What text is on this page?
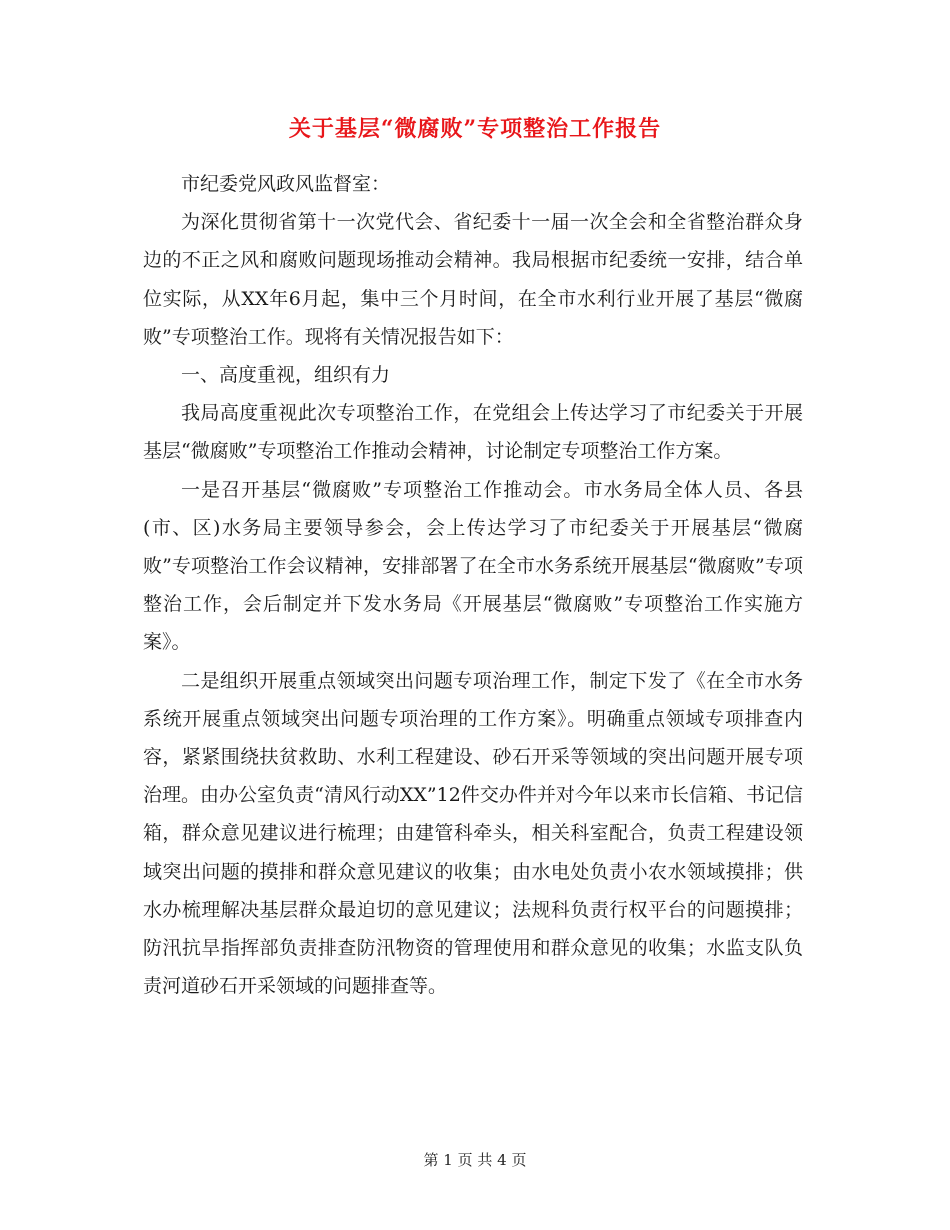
关于基层“微腐败”专项整治工作报告

市纪委党风政风监督室：

为深化贯彻省第十一次党代会、省纪委十一届一次全会和全省整治群众身边的不正之风和腐败问题现场推动会精神。我局根据市纪委统一安排，结合单位实际，从XX年6月起，集中三个月时间，在全市水利行业开展了基层“微腐败”专项整治工作。现将有关情况报告如下：

一、高度重视，组织有力

我局高度重视此次专项整治工作，在党组会上传达学习了市纪委关于开展基层“微腐败”专项整治工作推动会精神，讨论制定专项整治工作方案。

一是召开基层“微腐败”专项整治工作推动会。市水务局全体人员、各县(市、区)水务局主要领导参会，会上传达学习了市纪委关于开展基层“微腐败”专项整治工作会议精神，安排部署了在全市水务系统开展基层“微腐败”专项整治工作，会后制定并下发水务局《开展基层“微腐败”专项整治工作实施方案》。

二是组织开展重点领域突出问题专项治理工作，制定下发了《在全市水务系统开展重点领域突出问题专项治理的工作方案》。明确重点领域专项排查内容，紧紧围绕扶贫救助、水利工程建设、砂石开采等领域的突出问题开展专项治理。由办公室负责“清风行动XX”12件交办件并对今年以来市长信箱、书记信箱，群众意见建议进行梳理；由建管科牵头，相关科室配合，负责工程建设领域突出问题的摸排和群众意见建议的收集；由水电处负责小农水领域摸排；供水办梳理解决基层群众最迫切的意见建议；法规科负责行权平台的问题摸排；防汛抗旱指挥部负责排查防汛物资的管理使用和群众意见的收集；水监支队负责河道砂石开采领域的问题排查等。

第 1 页 共 4 页
